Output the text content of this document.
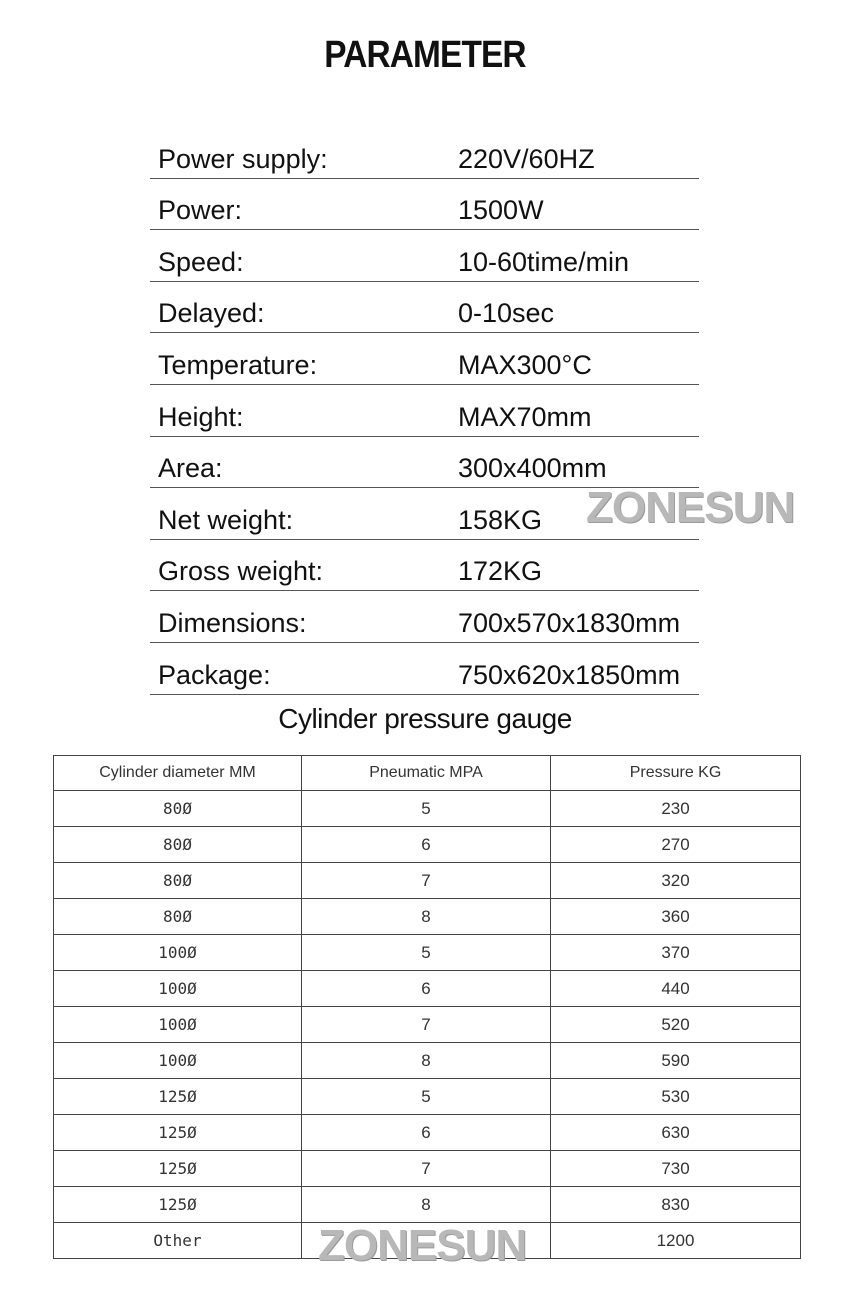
PARAMETER
Power supply:	220V/60HZ
Power:	1500W
Speed:	10-60time/min
Delayed:	0-10sec
Temperature:	MAX300°C
Height:	MAX70mm
Area:	300x400mm
Net weight:	158KG
Gross weight:	172KG
Dimensions:	700x570x1830mm
Package:	750x620x1850mm
Cylinder pressure gauge
Cylinder diameter MM	Pneumatic MPA	Pressure KG
80Ø	5	230
80Ø	6	270
80Ø	7	320
80Ø	8	360
100Ø	5	370
100Ø	6	440
100Ø	7	520
100Ø	8	590
125Ø	5	530
125Ø	6	630
125Ø	7	730
125Ø	8	830
Other		1200
ZONESUN
ZONESUN
